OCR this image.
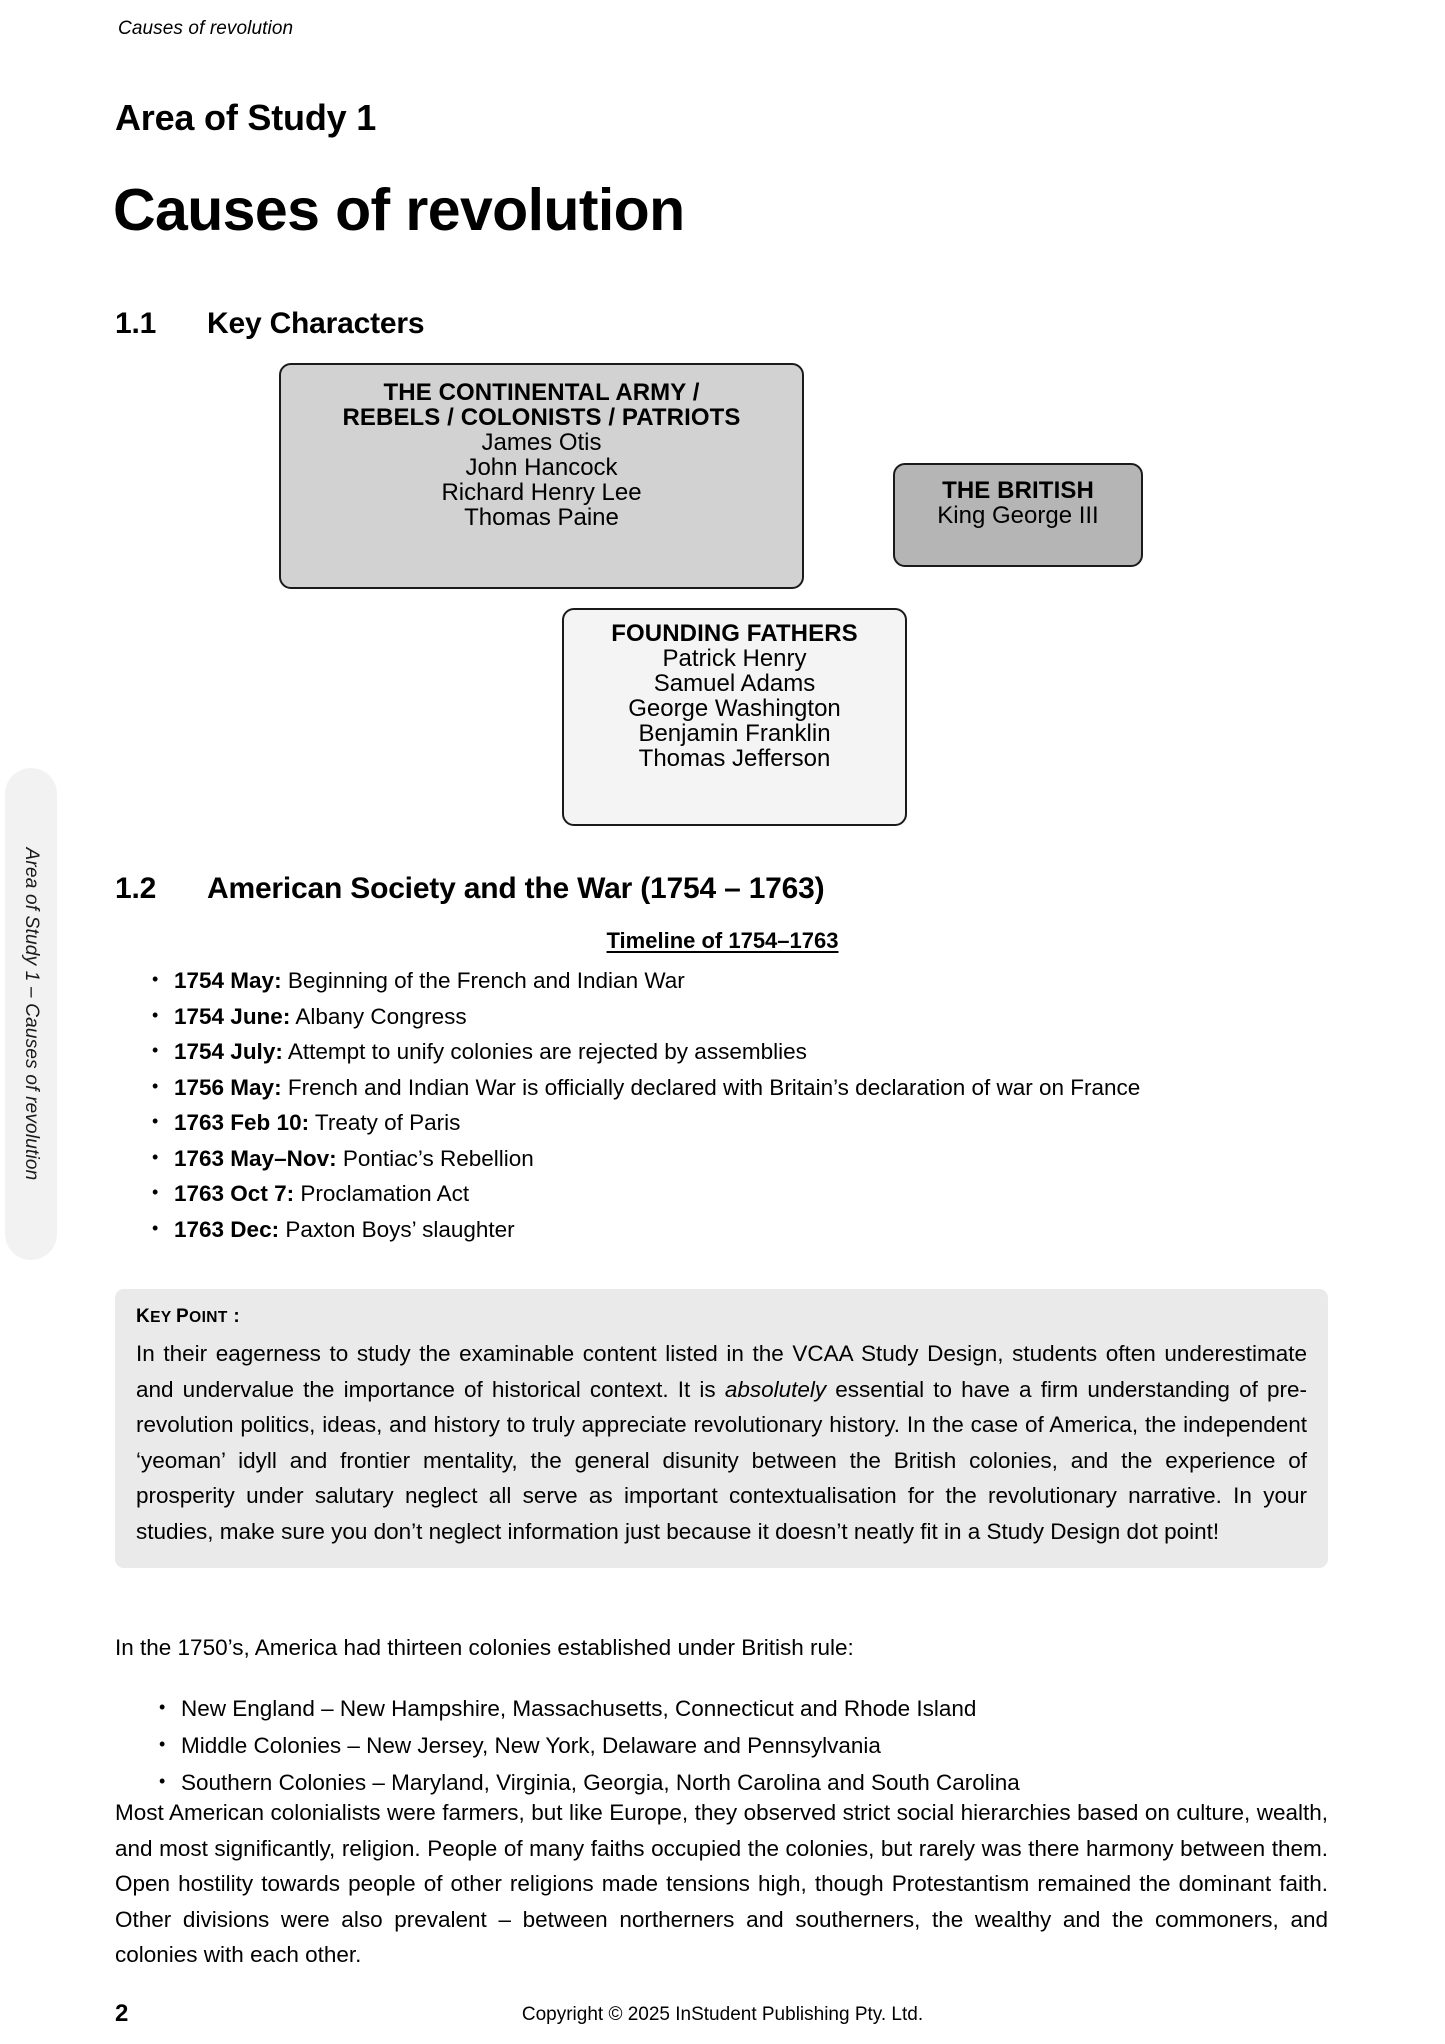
Causes of revolution
Area of Study 1 – Causes of revolution
Area of Study 1
Causes of revolution
1.1 Key Characters
THE CONTINENTAL ARMY /
REBELS / COLONISTS / PATRIOTS
James Otis
John Hancock
Richard Henry Lee
Thomas Paine
THE BRITISH
King George III
FOUNDING FATHERS
Patrick Henry
Samuel Adams
George Washington
Benjamin Franklin
Thomas Jefferson
1.2 American Society and the War (1754 – 1763)
Timeline of 1754–1763
• 1754 May: Beginning of the French and Indian War
• 1754 June: Albany Congress
• 1754 July: Attempt to unify colonies are rejected by assemblies
• 1756 May: French and Indian War is officially declared with Britain’s declaration of war on France
• 1763 Feb 10: Treaty of Paris
• 1763 May–Nov: Pontiac’s Rebellion
• 1763 Oct 7: Proclamation Act
• 1763 Dec: Paxton Boys’ slaughter
KEY POINT :
In their eagerness to study the examinable content listed in the VCAA Study Design, students often underestimate and undervalue the importance of historical context. It is absolutely essential to have a firm understanding of pre-revolution politics, ideas, and history to truly appreciate revolutionary history. In the case of America, the independent ‘yeoman’ idyll and frontier mentality, the general disunity between the British colonies, and the experience of prosperity under salutary neglect all serve as important contextualisation for the revolutionary narrative. In your studies, make sure you don’t neglect information just because it doesn’t neatly fit in a Study Design dot point!
In the 1750’s, America had thirteen colonies established under British rule:
• New England – New Hampshire, Massachusetts, Connecticut and Rhode Island
• Middle Colonies – New Jersey, New York, Delaware and Pennsylvania
• Southern Colonies – Maryland, Virginia, Georgia, North Carolina and South Carolina
Most American colonialists were farmers, but like Europe, they observed strict social hierarchies based on culture, wealth, and most significantly, religion. People of many faiths occupied the colonies, but rarely was there harmony between them. Open hostility towards people of other religions made tensions high, though Protestantism remained the dominant faith. Other divisions were also prevalent – between northerners and southerners, the wealthy and the commoners, and colonies with each other.
2	Copyright © 2025 InStudent Publishing Pty. Ltd.
